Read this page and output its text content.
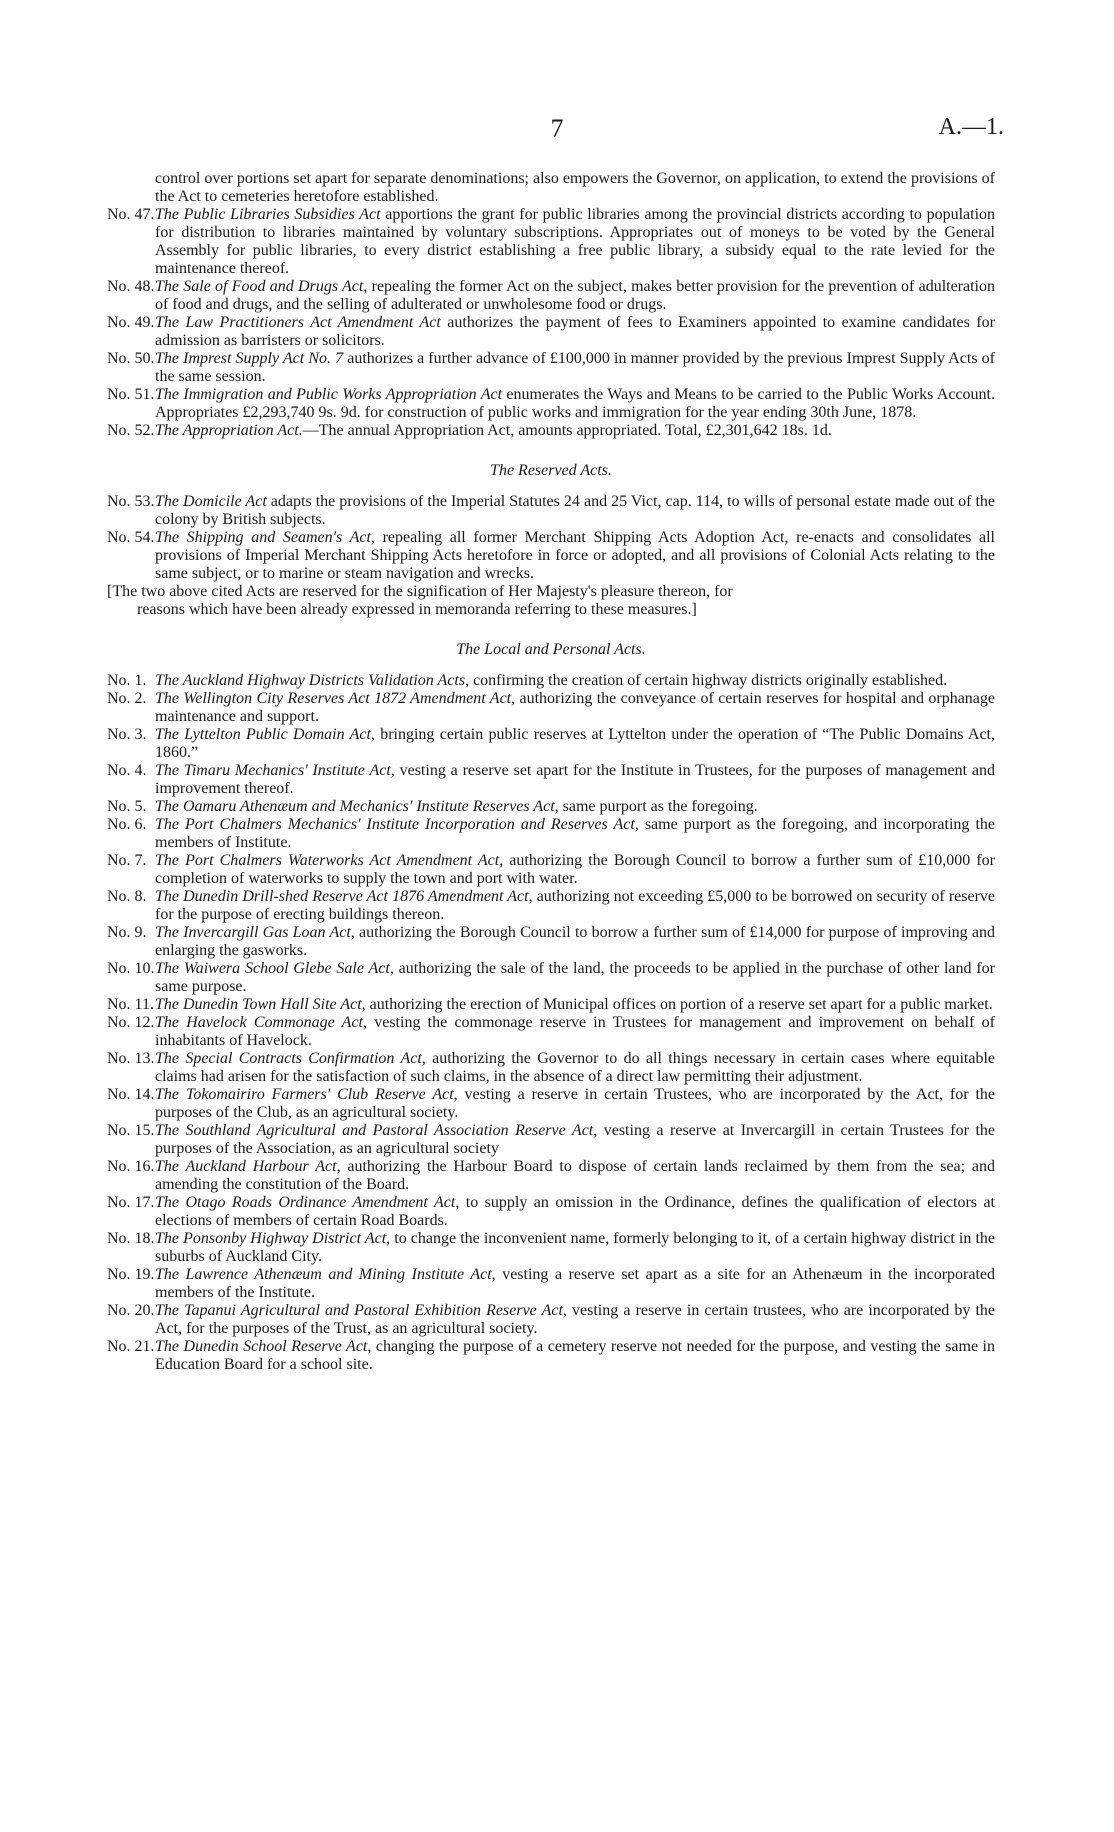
7	A.—1.

control over portions set apart for separate denominations; also empowers the Governor, on application, to extend the provisions of the Act to cemeteries heretofore established.

No. 47. The Public Libraries Subsidies Act apportions the grant for public libraries among the provincial districts according to population for distribution to libraries maintained by voluntary subscriptions. Appropriates out of moneys to be voted by the General Assembly for public libraries, to every district establishing a free public library, a subsidy equal to the rate levied for the maintenance thereof.
No. 48. The Sale of Food and Drugs Act, repealing the former Act on the subject, makes better provision for the prevention of adulteration of food and drugs, and the selling of adulterated or unwholesome food or drugs.
No. 49. The Law Practitioners Act Amendment Act authorizes the payment of fees to Examiners appointed to examine candidates for admission as barristers or solicitors.
No. 50. The Imprest Supply Act No. 7 authorizes a further advance of £100,000 in manner provided by the previous Imprest Supply Acts of the same session.
No. 51. The Immigration and Public Works Appropriation Act enumerates the Ways and Means to be carried to the Public Works Account. Appropriates £2,293,740 9s. 9d. for construction of public works and immigration for the year ending 30th June, 1878.
No. 52. The Appropriation Act.—The annual Appropriation Act, amounts appropriated. Total, £2,301,642 18s. 1d.
The Reserved Acts.
No. 53. The Domicile Act adapts the provisions of the Imperial Statutes 24 and 25 Vict, cap. 114, to wills of personal estate made out of the colony by British subjects.
No. 54. The Shipping and Seamen's Act, repealing all former Merchant Shipping Acts Adoption Act, re-enacts and consolidates all provisions of Imperial Merchant Shipping Acts heretofore in force or adopted, and all provisions of Colonial Acts relating to the same subject, or to marine or steam navigation and wrecks.

[The two above cited Acts are reserved for the signification of Her Majesty's pleasure thereon, for
reasons which have been already expressed in memoranda referring to these measures.]

The Local and Personal Acts.
No. 1. The Auckland Highway Districts Validation Acts, confirming the creation of certain highway districts originally established.
No. 2. The Wellington City Reserves Act 1872 Amendment Act, authorizing the conveyance of certain reserves for hospital and orphanage maintenance and support.
No. 3. The Lyttelton Public Domain Act, bringing certain public reserves at Lyttelton under the operation of “The Public Domains Act, 1860.”
No. 4. The Timaru Mechanics' Institute Act, vesting a reserve set apart for the Institute in Trustees, for the purposes of management and improvement thereof.
No. 5. The Oamaru Athenæum and Mechanics' Institute Reserves Act, same purport as the foregoing.
No. 6. The Port Chalmers Mechanics' Institute Incorporation and Reserves Act, same purport as the foregoing, and incorporating the members of Institute.
No. 7. The Port Chalmers Waterworks Act Amendment Act, authorizing the Borough Council to borrow a further sum of £10,000 for completion of waterworks to supply the town and port with water.
No. 8. The Dunedin Drill-shed Reserve Act 1876 Amendment Act, authorizing not exceeding £5,000 to be borrowed on security of reserve for the purpose of erecting buildings thereon.
No. 9. The Invercargill Gas Loan Act, authorizing the Borough Council to borrow a further sum of £14,000 for purpose of improving and enlarging the gasworks.
No. 10. The Waiwera School Glebe Sale Act, authorizing the sale of the land, the proceeds to be applied in the purchase of other land for same purpose.
No. 11. The Dunedin Town Hall Site Act, authorizing the erection of Municipal offices on portion of a reserve set apart for a public market.
No. 12. The Havelock Commonage Act, vesting the commonage reserve in Trustees for management and improvement on behalf of inhabitants of Havelock.
No. 13. The Special Contracts Confirmation Act, authorizing the Governor to do all things necessary in certain cases where equitable claims had arisen for the satisfaction of such claims, in the absence of a direct law permitting their adjustment.
No. 14. The Tokomairiro Farmers' Club Reserve Act, vesting a reserve in certain Trustees, who are incorporated by the Act, for the purposes of the Club, as an agricultural society.
No. 15. The Southland Agricultural and Pastoral Association Reserve Act, vesting a reserve at Invercargill in certain Trustees for the purposes of the Association, as an agricultural society
No. 16. The Auckland Harbour Act, authorizing the Harbour Board to dispose of certain lands reclaimed by them from the sea; and amending the constitution of the Board.
No. 17. The Otago Roads Ordinance Amendment Act, to supply an omission in the Ordinance, defines the qualification of electors at elections of members of certain Road Boards.
No. 18. The Ponsonby Highway District Act, to change the inconvenient name, formerly belonging to it, of a certain highway district in the suburbs of Auckland City.
No. 19. The Lawrence Athenæum and Mining Institute Act, vesting a reserve set apart as a site for an Athenæum in the incorporated members of the Institute.
No. 20. The Tapanui Agricultural and Pastoral Exhibition Reserve Act, vesting a reserve in certain trustees, who are incorporated by the Act, for the purposes of the Trust, as an agricultural society.
No. 21. The Dunedin School Reserve Act, changing the purpose of a cemetery reserve not needed for the purpose, and vesting the same in Education Board for a school site.
